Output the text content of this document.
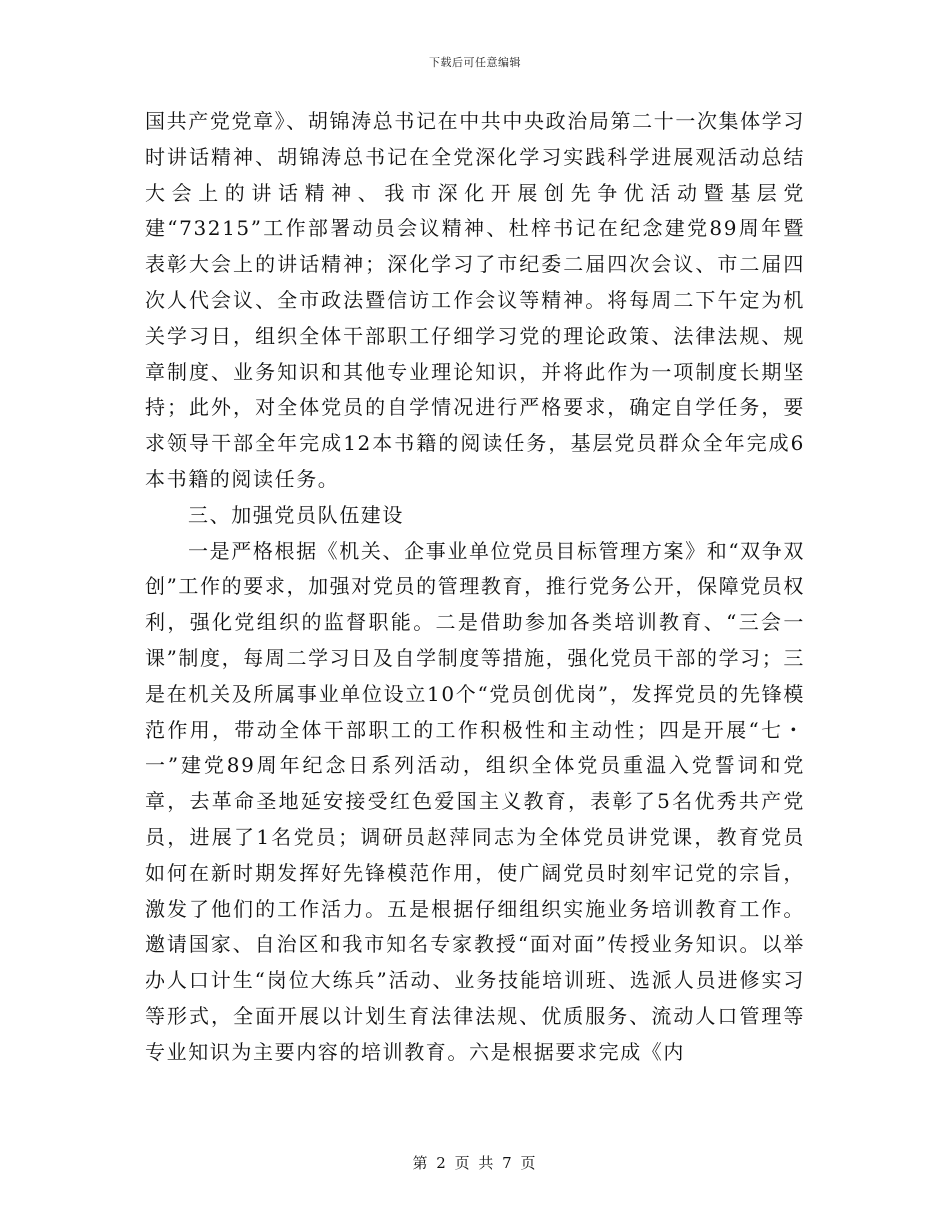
下载后可任意编辑

国共产党党章》、胡锦涛总书记在中共中央政治局第二十一次集体学习时讲话精神、胡锦涛总书记在全党深化学习实践科学进展观活动总结大会上的讲话精神、我市深化开展创先争优活动暨基层党建“73215”工作部署动员会议精神、杜梓书记在纪念建党89周年暨表彰大会上的讲话精神；深化学习了市纪委二届四次会议、市二届四次人代会议、全市政法暨信访工作会议等精神。将每周二下午定为机关学习日，组织全体干部职工仔细学习党的理论政策、法律法规、规章制度、业务知识和其他专业理论知识，并将此作为一项制度长期坚持；此外，对全体党员的自学情况进行严格要求，确定自学任务，要求领导干部全年完成12本书籍的阅读任务，基层党员群众全年完成6本书籍的阅读任务。

三、加强党员队伍建设

一是严格根据《机关、企事业单位党员目标管理方案》和“双争双创”工作的要求，加强对党员的管理教育，推行党务公开，保障党员权利，强化党组织的监督职能。二是借助参加各类培训教育、“三会一课”制度，每周二学习日及自学制度等措施，强化党员干部的学习；三是在机关及所属事业单位设立10个“党员创优岗”，发挥党员的先锋模范作用，带动全体干部职工的工作积极性和主动性；四是开展“七・一”建党89周年纪念日系列活动，组织全体党员重温入党誓词和党章，去革命圣地延安接受红色爱国主义教育，表彰了5名优秀共产党员，进展了1名党员；调研员赵萍同志为全体党员讲党课，教育党员如何在新时期发挥好先锋模范作用，使广阔党员时刻牢记党的宗旨，激发了他们的工作活力。五是根据仔细组织实施业务培训教育工作。邀请国家、自治区和我市知名专家教授“面对面”传授业务知识。以举办人口计生“岗位大练兵”活动、业务技能培训班、选派人员进修实习等形式，全面开展以计划生育法律法规、优质服务、流动人口管理等专业知识为主要内容的培训教育。六是根据要求完成《内

第 2 页 共 7 页
